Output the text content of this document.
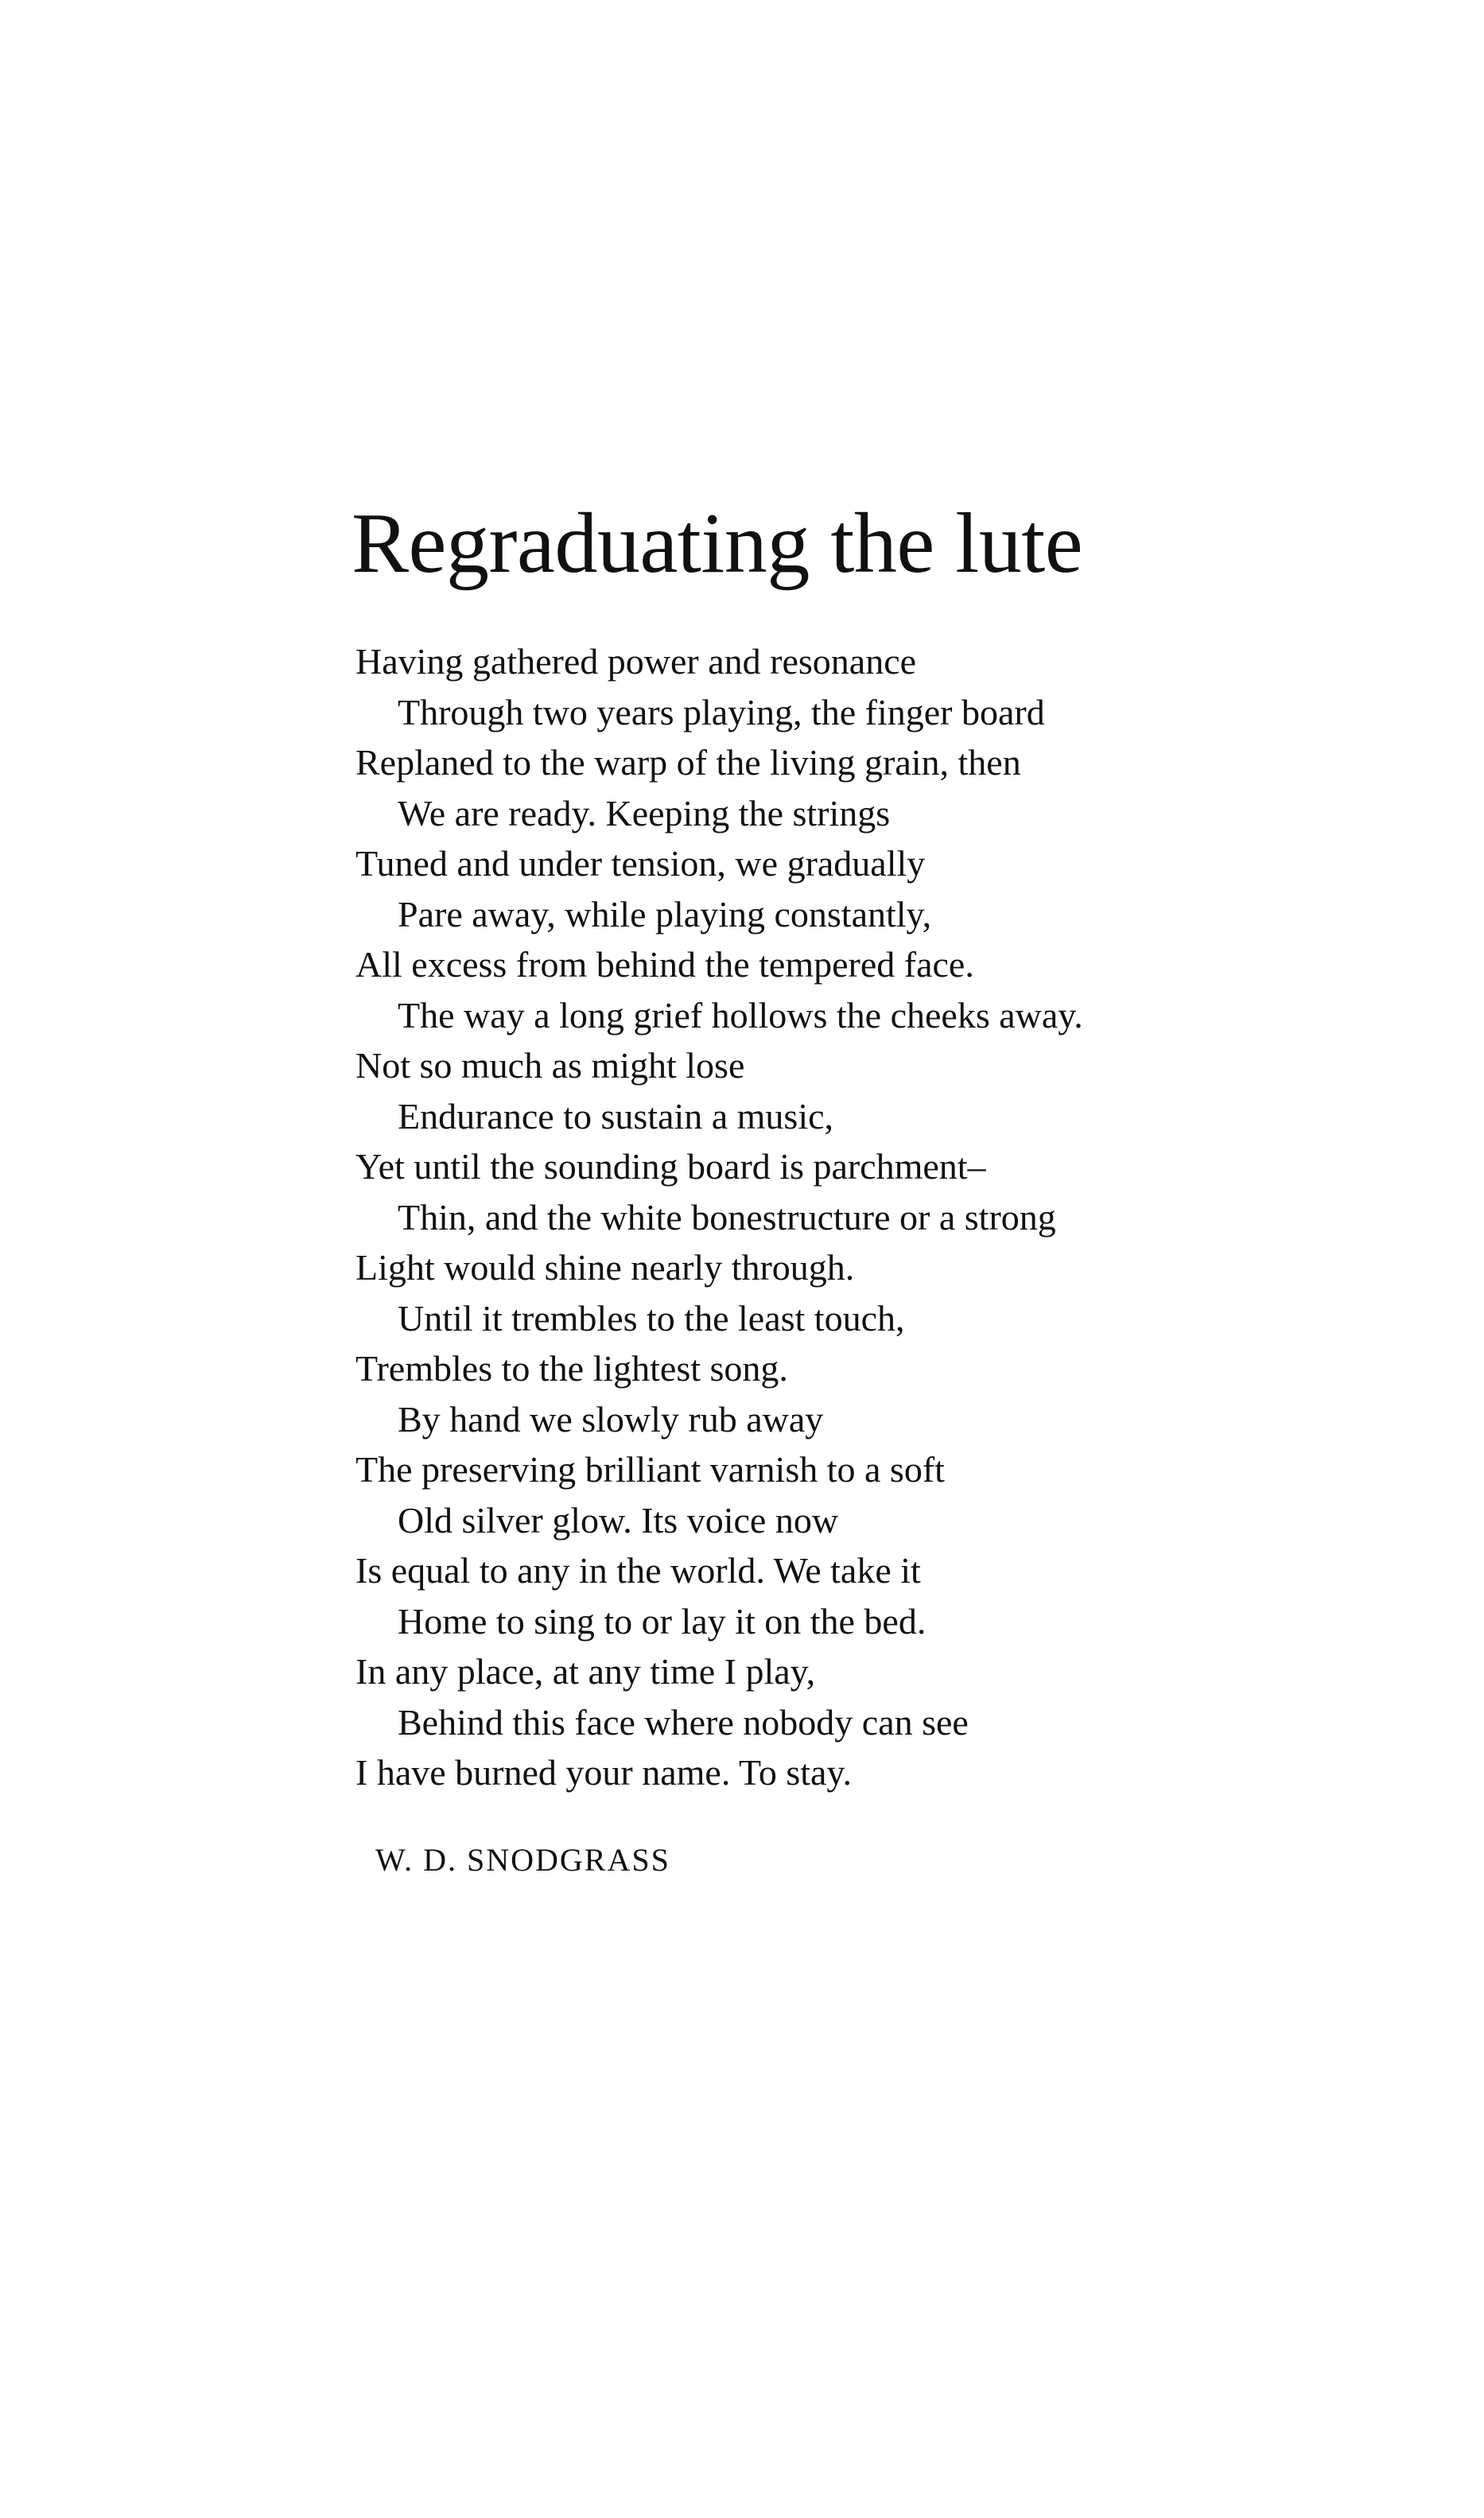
Regraduating the lute
Having gathered power and resonance
Through two years playing, the finger board
Replaned to the warp of the living grain, then
We are ready. Keeping the strings
Tuned and under tension, we gradually
Pare away, while playing constantly,
All excess from behind the tempered face.
The way a long grief hollows the cheeks away.
Not so much as might lose
Endurance to sustain a music,
Yet until the sounding board is parchment–
Thin, and the white bonestructure or a strong
Light would shine nearly through.
Until it trembles to the least touch,
Trembles to the lightest song.
By hand we slowly rub away
The preserving brilliant varnish to a soft
Old silver glow. Its voice now
Is equal to any in the world. We take it
Home to sing to or lay it on the bed.
In any place, at any time I play,
Behind this face where nobody can see
I have burned your name. To stay.

W. D. SNODGRASS
